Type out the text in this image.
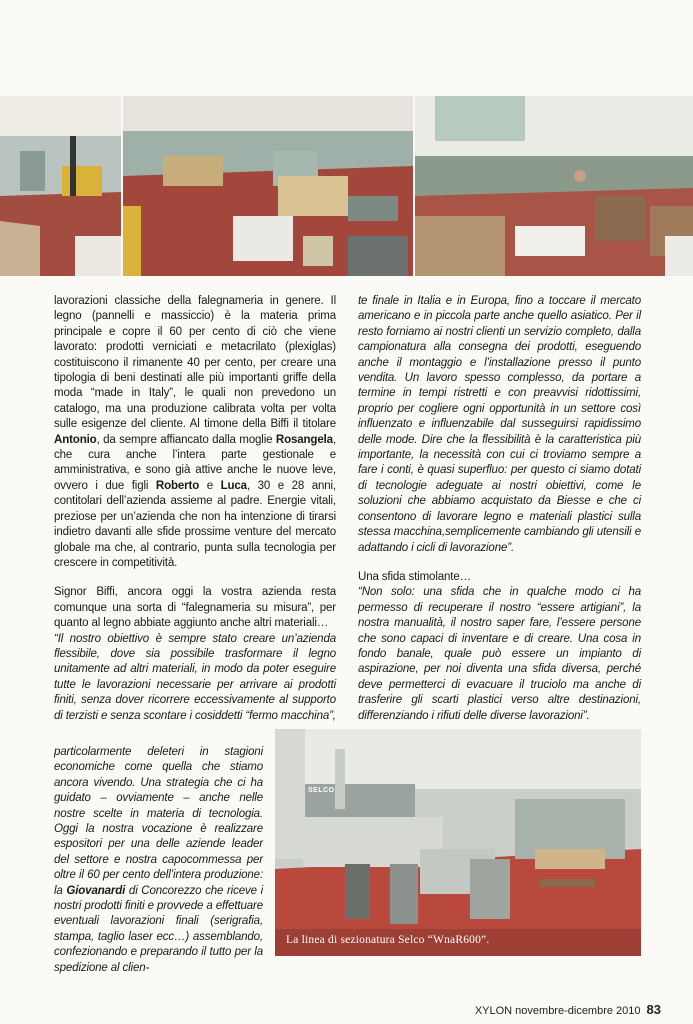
lavorazioni classiche della falegnameria in genere. Il legno (pannelli e massiccio) è la materia prima principale e copre il 60 per cento di ciò che viene lavorato: prodotti verniciati e metacrilato (plexiglas) costituiscono il rimanente 40 per cento, per creare una tipologia di beni destinati alle più importanti griffe della moda “made in Italy”, le quali non prevedono un catalogo, ma una produzione calibrata volta per volta sulle esigenze del cliente. Al timone della Biffi il titolare Antonio, da sempre affiancato dalla moglie Rosangela, che cura anche l’intera parte gestionale e amministrativa, e sono già attive anche le nuove leve, ovvero i due figli Roberto e Luca, 30 e 28 anni, contitolari dell’azienda assieme al padre. Energie vitali, preziose per un’azienda che non ha intenzione di tirarsi indietro davanti alle sfide prossime venture del mercato globale ma che, al contrario, punta sulla tecnologia per crescere in competitività.

Signor Biffi, ancora oggi la vostra azienda resta comunque una sorta di “falegnameria su misura”, per quanto al legno abbiate aggiunto anche altri materiali…

“Il nostro obiettivo è sempre stato creare un’azienda flessibile, dove sia possibile trasformare il legno unitamente ad altri materiali, in modo da poter eseguire tutte le lavorazioni necessarie per arrivare ai prodotti finiti, senza dover ricorrere eccessivamente al supporto di terzisti e senza scontare i cosiddetti “fermo macchina”,

particolarmente deleteri in stagioni economiche come quella che stiamo ancora vivendo. Una strategia che ci ha guidato – ovviamente – anche nelle nostre scelte in materia di tecnologia. Oggi la nostra vocazione è realizzare espositori per una delle aziende leader del settore e nostra capocommessa per oltre il 60 per cento dell’intera produzione: la Giovanardi di Concorezzo che riceve i nostri prodotti finiti e provvede a effettuare eventuali lavorazioni finali (serigrafia, stampa, taglio laser ecc…) assemblando, confezionando e preparando il tutto per la spedizione al clien-

te finale in Italia e in Europa, fino a toccare il mercato americano e in piccola parte anche quello asiatico. Per il resto forniamo ai nostri clienti un servizio completo, dalla campionatura alla consegna dei prodotti, eseguendo anche il montaggio e l’installazione presso il punto vendita. Un lavoro spesso complesso, da portare a termine in tempi ristretti e con preavvisi ridottissimi, proprio per cogliere ogni opportunità in un settore così influenzato e influenzabile dal susseguirsi rapidissimo delle mode. Dire che la flessibilità è la caratteristica più importante, la necessità con cui ci troviamo sempre a fare i conti, è quasi superfluo: per questo ci siamo dotati di tecnologie adeguate ai nostri obiettivi, come le soluzioni che abbiamo acquistato da Biesse e che ci consentono di lavorare legno e materiali plastici sulla stessa macchina,semplicemente cambiando gli utensili e adattando i cicli di lavorazione”.

Una sfida stimolante…

“Non solo: una sfida che in qualche modo ci ha permesso di recuperare il nostro “essere artigiani”, la nostra manualità, il nostro saper fare, l’essere persone che sono capaci di inventare e di creare. Una cosa in fondo banale, quale può essere un impianto di aspirazione, per noi diventa una sfida diversa, perché deve permetterci di evacuare il truciolo ma anche di trasferire gli scarti plastici verso altre destinazioni, differenziando i rifiuti delle diverse lavorazioni”.

SELCO
La linea di sezionatura Selco “WnaR600”.
XYLON novembre-dicembre 2010 83
